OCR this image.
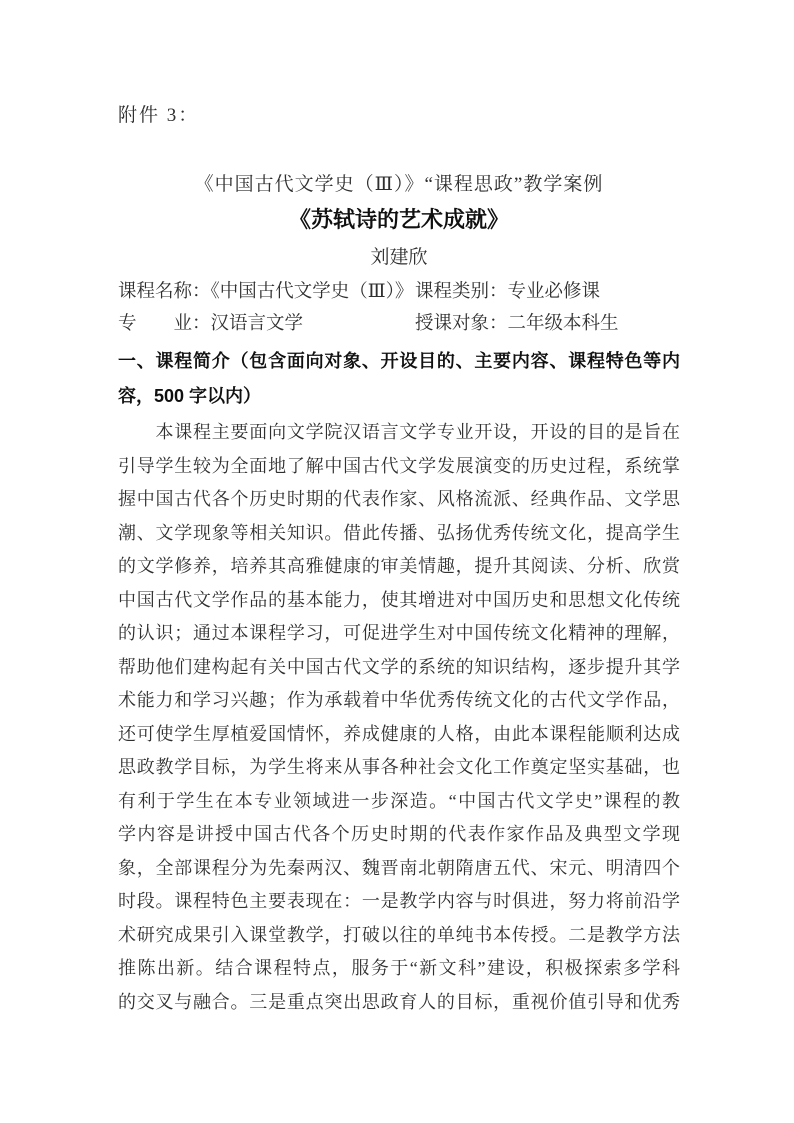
附件 3：
《中国古代文学史（Ⅲ）》“课程思政”教学案例
《苏轼诗的艺术成就》
刘建欣
课程名称：《中国古代文学史（Ⅲ）》 课程类别：专业必修课
专　　业：汉语言文学	授课对象：二年级本科生
一、课程简介（包含面向对象、开设目的、主要内容、课程特色等内
容，500 字以内）
　　本课程主要面向文学院汉语言文学专业开设，开设的目的是旨在
引导学生较为全面地了解中国古代文学发展演变的历史过程，系统掌
握中国古代各个历史时期的代表作家、风格流派、经典作品、文学思
潮、文学现象等相关知识。借此传播、弘扬优秀传统文化，提高学生
的文学修养，培养其高雅健康的审美情趣，提升其阅读、分析、欣赏
中国古代文学作品的基本能力，使其增进对中国历史和思想文化传统
的认识；通过本课程学习，可促进学生对中国传统文化精神的理解，
帮助他们建构起有关中国古代文学的系统的知识结构，逐步提升其学
术能力和学习兴趣；作为承载着中华优秀传统文化的古代文学作品，
还可使学生厚植爱国情怀，养成健康的人格，由此本课程能顺利达成
思政教学目标，为学生将来从事各种社会文化工作奠定坚实基础，也
有利于学生在本专业领域进一步深造。“中国古代文学史”课程的教
学内容是讲授中国古代各个历史时期的代表作家作品及典型文学现
象，全部课程分为先秦两汉、魏晋南北朝隋唐五代、宋元、明清四个
时段。课程特色主要表现在：一是教学内容与时俱进，努力将前沿学
术研究成果引入课堂教学，打破以往的单纯书本传授。二是教学方法
推陈出新。结合课程特点，服务于“新文科”建设，积极探索多学科
的交叉与融合。三是重点突出思政育人的目标，重视价值引导和优秀
